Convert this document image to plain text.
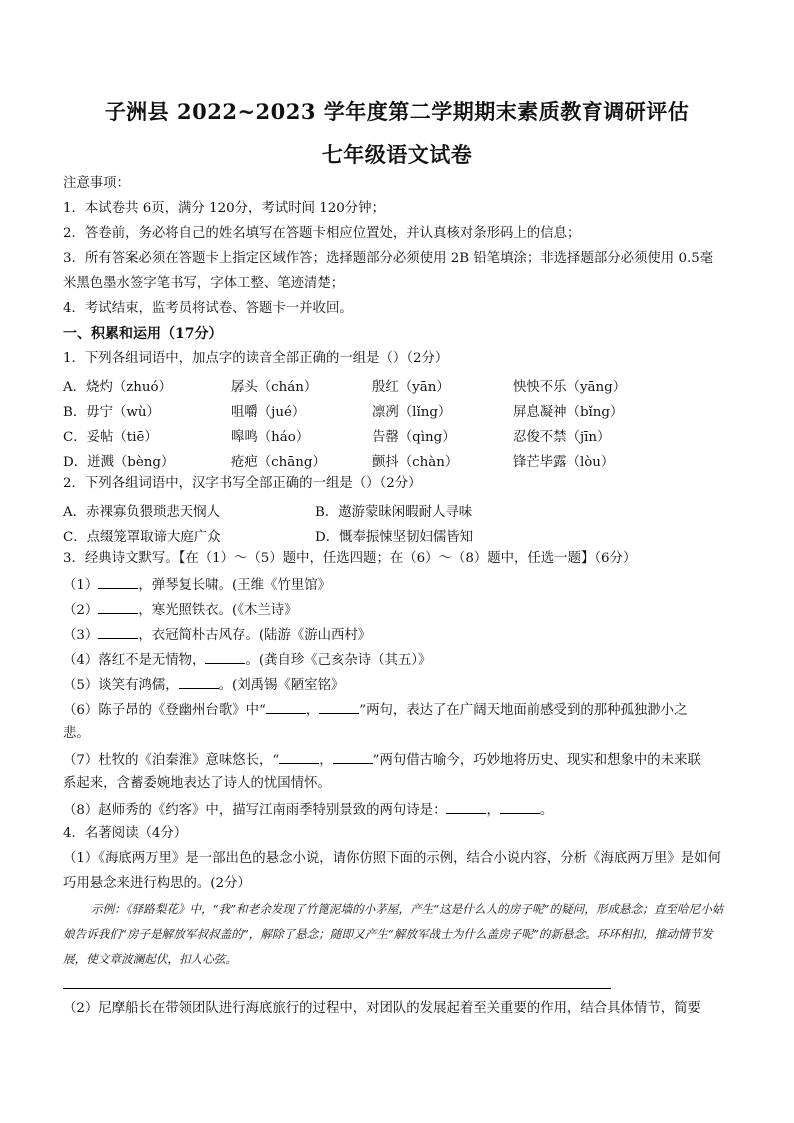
子洲县 2022~2023 学年度第二学期期末素质教育调研评估
七年级语文试卷
注意事项：
1．本试卷共 6页，满分 120分，考试时间 120分钟；
2．答卷前，务必将自己的姓名填写在答题卡相应位置处，并认真核对条形码上的信息；
3．所有答案必须在答题卡上指定区域作答；选择题部分必须使用 2B 铅笔填涂；非选择题部分必须使用 0.5毫
米黑色墨水签字笔书写，字体工整、笔迹清楚；
4．考试结束，监考员将试卷、答题卡一并收回。
一、积累和运用（17分）
1．下列各组词语中，加点字的读音全部正确的一组是（）（2分）
A．烧灼（zhuó）	孱头（chán）	殷红（yān）	怏怏不乐（yāng）
B．毋宁（wù）	咀嚼（jué）	凛冽（lǐng）	屏息凝神（bǐng）
C．妥帖（tiē）	嗥鸣（háo）	告罄（qìng）	忍俊不禁（jīn）
D．迸溅（bèng）	疮疤（chāng）	颤抖（chàn）	锋芒毕露（lòu）
2．下列各组词语中，汉字书写全部正确的一组是（）（2分）
A．赤裸寡负猥琐悲天悯人	B．遨游蒙昧闲暇耐人寻味
C．点缀笼罩取谛大庭广众	D．慨奉振悚坚韧妇儒皆知
3．经典诗文默写。【在（1）～（5）题中，任选四题；在（6）～（8）题中，任选一题】（6分）
（1）	，弹琴复长啸。(王维《竹里馆》
（2）	，寒光照铁衣。(《木兰诗》
（3）	，衣冠简朴古风存。(陆游《游山西村》
（4）落红不是无情物，	。(龚自珍《己亥杂诗（其五）》
（5）谈笑有鸿儒，	。(刘禹锡《陋室铭》
（6）陈子昂的《登幽州台歌》中“	，	”两句，表达了在广阔天地面前感受到的那种孤独渺小之
悲。
（7）杜牧的《泊秦淮》意味悠长，“	，	”两句借古喻今，巧妙地将历史、现实和想象中的未来联
系起来，含蓄委婉地表达了诗人的忧国情怀。
（8）赵师秀的《约客》中，描写江南雨季特别景致的两句诗是：	，	。
4．名著阅读（4分）
（1）《海底两万里》是一部出色的悬念小说，请你仿照下面的示例，结合小说内容，分析《海底两万里》是如何
巧用悬念来进行构思的。(2分）
示例：《驿路梨花》中，“我”和老余发现了竹篦泥墙的小茅屋，产生“这是什么人的房子呢”的疑问，形成悬念；直至哈尼小姑娘告诉我们“房子是解放军叔叔盖的”，解除了悬念；随即又产生“解放军战士为什么盖房子呢”的新悬念。环环相扣，推动情节发展，使文章波澜起伏，扣人心弦。
（2）尼摩船长在带领团队进行海底旅行的过程中，对团队的发展起着至关重要的作用，结合具体情节，简要
